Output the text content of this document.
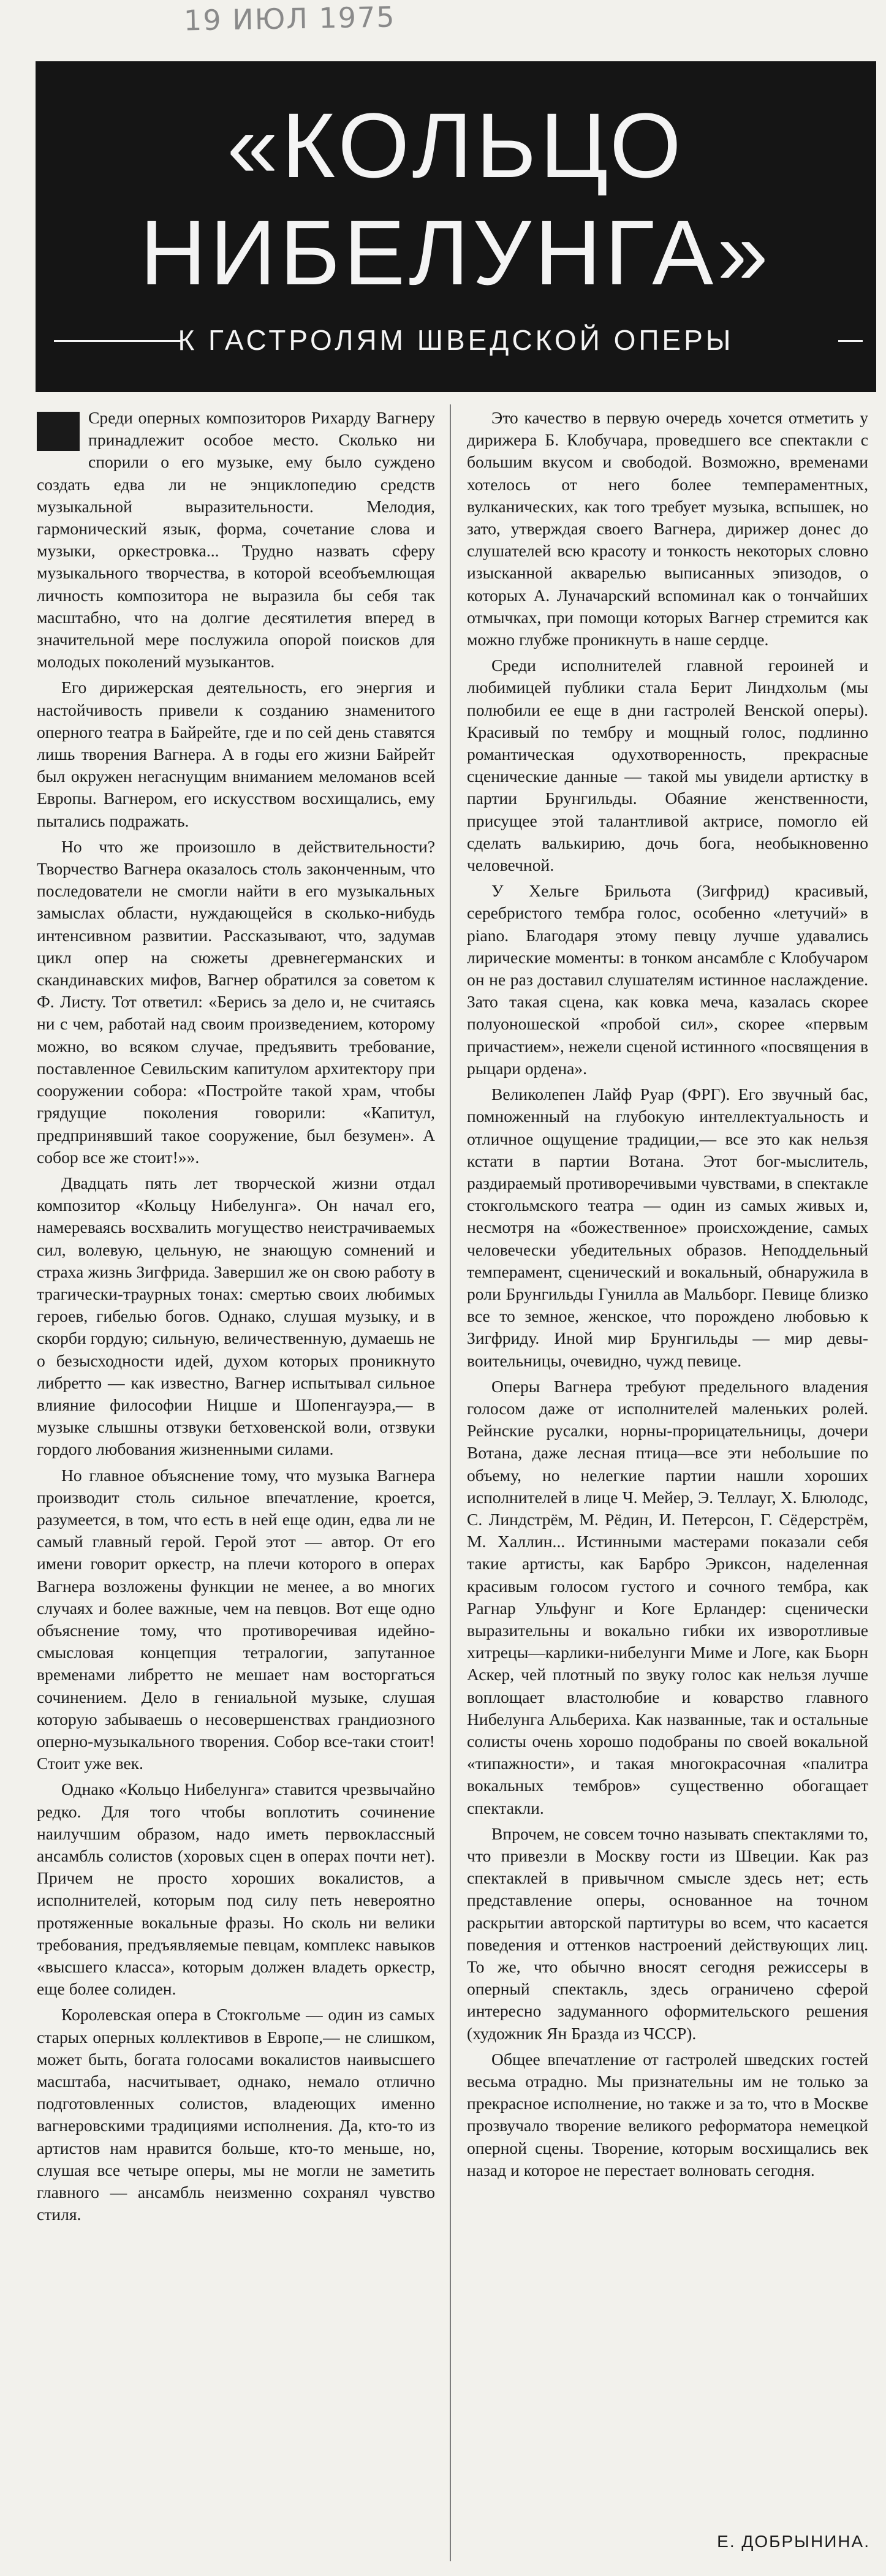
19 ИЮЛ 1975
«КОЛЬЦО
НИБЕЛУНГА»
К ГАСТРОЛЯМ ШВЕДСКОЙ ОПЕРЫ

Среди оперных композиторов Рихарду Вагнеру принадлежит особое место. Сколько ни спорили о его музыке, ему было суждено создать едва ли не энциклопедию средств музыкальной выразительности. Мелодия, гармонический язык, форма, сочетание слова и музыки, оркестровка... Трудно назвать сферу музыкального творчества, в которой всеобъемлющая личность композитора не выразила бы себя так масштабно, что на долгие десятилетия вперед в значительной мере послужила опорой поисков для молодых поколений музыкантов.

Его дирижерская деятельность, его энергия и настойчивость привели к созданию знаменитого оперного театра в Байрейте, где и по сей день ставятся лишь творения Вагнера. А в годы его жизни Байрейт был окружен негаснущим вниманием меломанов всей Европы. Вагнером, его искусством восхищались, ему пытались подражать.

Но что же произошло в действительности? Творчество Вагнера оказалось столь законченным, что последователи не смогли найти в его музыкальных замыслах области, нуждающейся в сколько-нибудь интенсивном развитии. Рассказывают, что, задумав цикл опер на сюжеты древнегерманских и скандинавских мифов, Вагнер обратился за советом к Ф. Листу. Тот ответил: «Берись за дело и, не считаясь ни с чем, работай над своим произведением, которому можно, во всяком случае, предъявить требование, поставленное Севильским капитулом архитектору при сооружении собора: «Постройте такой храм, чтобы грядущие поколения говорили: «Капитул, предпринявший такое сооружение, был безумен». А собор все же стоит!»».

Двадцать пять лет творческой жизни отдал композитор «Кольцу Нибелунга». Он начал его, намереваясь восхвалить могущество неистрачиваемых сил, волевую, цельную, не знающую сомнений и страха жизнь Зигфрида. Завершил же он свою работу в трагически-траурных тонах: смертью своих любимых героев, гибелью богов. Однако, слушая музыку, и в скорби гордую; сильную, величественную, думаешь не о безысходности идей, духом которых проникнуто либретто — как известно, Вагнер испытывал сильное влияние философии Ницше и Шопенгауэра,— в музыке слышны отзвуки бетховенской воли, отзвуки гордого любования жизненными силами.

Но главное объяснение тому, что музыка Вагнера производит столь сильное впечатление, кроется, разумеется, в том, что есть в ней еще один, едва ли не самый главный герой. Герой этот — автор. От его имени говорит оркестр, на плечи которого в операх Вагнера возложены функции не менее, а во многих случаях и более важные, чем на певцов. Вот еще одно объяснение тому, что противоречивая идейно-смысловая концепция тетралогии, запутанное временами либретто не мешает нам восторгаться сочинением. Дело в гениальной музыке, слушая которую забываешь о несовершенствах грандиозного оперно-музыкального творения. Собор все-таки стоит! Стоит уже век.

Однако «Кольцо Нибелунга» ставится чрезвычайно редко. Для того чтобы воплотить сочинение наилучшим образом, надо иметь первоклассный ансамбль солистов (хоровых сцен в операх почти нет). Причем не просто хороших вокалистов, а исполнителей, которым под силу петь невероятно протяженные вокальные фразы. Но сколь ни велики требования, предъявляемые певцам, комплекс навыков «высшего класса», которым должен владеть оркестр, еще более солиден.

Королевская опера в Стокгольме — один из самых старых оперных коллективов в Европе,— не слишком, может быть, богата голосами вокалистов наивысшего масштаба, насчитывает, однако, немало отлично подготовленных солистов, владеющих именно вагнеровскими традициями исполнения. Да, кто-то из артистов нам нравится больше, кто-то меньше, но, слушая все четыре оперы, мы не могли не заметить главного — ансамбль неизменно сохранял чувство стиля.

Это качество в первую очередь хочется отметить у дирижера Б. Клобучара, проведшего все спектакли с большим вкусом и свободой. Возможно, временами хотелось от него более темпераментных, вулканических, как того требует музыка, вспышек, но зато, утверждая своего Вагнера, дирижер донес до слушателей всю красоту и тонкость некоторых словно изысканной акварелью выписанных эпизодов, о которых А. Луначарский вспоминал как о тончайших отмычках, при помощи которых Вагнер стремится как можно глубже проникнуть в наше сердце.

Среди исполнителей главной героиней и любимицей публики стала Берит Линдхольм (мы полюбили ее еще в дни гастролей Венской оперы). Красивый по тембру и мощный голос, подлинно романтическая одухотворенность, прекрасные сценические данные — такой мы увидели артистку в партии Брунгильды. Обаяние женственности, присущее этой талантливой актрисе, помогло ей сделать валькирию, дочь бога, необыкновенно человечной.

У Хельге Брильота (Зигфрид) красивый, серебристого тембра голос, особенно «летучий» в piano. Благодаря этому певцу лучше удавались лирические моменты: в тонком ансамбле с Клобучаром он не раз доставил слушателям истинное наслаждение. Зато такая сцена, как ковка меча, казалась скорее полуоношеской «пробой сил», скорее «первым причастием», нежели сценой истинного «посвящения в рыцари ордена».

Великолепен Лайф Руар (ФРГ). Его звучный бас, помноженный на глубокую интеллектуальность и отличное ощущение традиции,— все это как нельзя кстати в партии Вотана. Этот бог-мыслитель, раздираемый противоречивыми чувствами, в спектакле стокгольмского театра — один из самых живых и, несмотря на «божественное» происхождение, самых человечески убедительных образов. Неподдельный темперамент, сценический и вокальный, обнаружила в роли Брунгильды Гунилла ав Мальборг. Певице близко все то земное, женское, что порождено любовью к Зигфриду. Иной мир Брунгильды — мир девы-воительницы, очевидно, чужд певице.

Оперы Вагнера требуют предельного владения голосом даже от исполнителей маленьких ролей. Рейнские русалки, норны-прорицательницы, дочери Вотана, даже лесная птица—все эти небольшие по объему, но нелегкие партии нашли хороших исполнителей в лице Ч. Мейер, Э. Теллауг, Х. Блюлодс, С. Линдстрём, М. Рёдин, И. Петерсон, Г. Сёдерстрём, М. Халлин... Истинными мастерами показали себя такие артисты, как Барбро Эриксон, наделенная красивым голосом густого и сочного тембра, как Рагнар Ульфунг и Коге Ерландер: сценически выразительны и вокально гибки их изворотливые хитрецы—карлики-нибелунги Миме и Логе, как Бьорн Аскер, чей плотный по звуку голос как нельзя лучше воплощает властолюбие и коварство главного Нибелунга Альбериха. Как названные, так и остальные солисты очень хорошо подобраны по своей вокальной «типажности», и такая многокрасочная «палитра вокальных тембров» существенно обогащает спектакли.

Впрочем, не совсем точно называть спектаклями то, что привезли в Москву гости из Швеции. Как раз спектаклей в привычном смысле здесь нет; есть представление оперы, основанное на точном раскрытии авторской партитуры во всем, что касается поведения и оттенков настроений действующих лиц. То же, что обычно вносят сегодня режиссеры в оперный спектакль, здесь ограничено сферой интересно задуманного оформительского решения (художник Ян Бразда из ЧССР).

Общее впечатление от гастролей шведских гостей весьма отрадно. Мы признательны им не только за прекрасное исполнение, но также и за то, что в Москве прозвучало творение великого реформатора немецкой оперной сцены. Творение, которым восхищались век назад и которое не перестает волновать сегодня.

Е. ДОБРЫНИНА.
